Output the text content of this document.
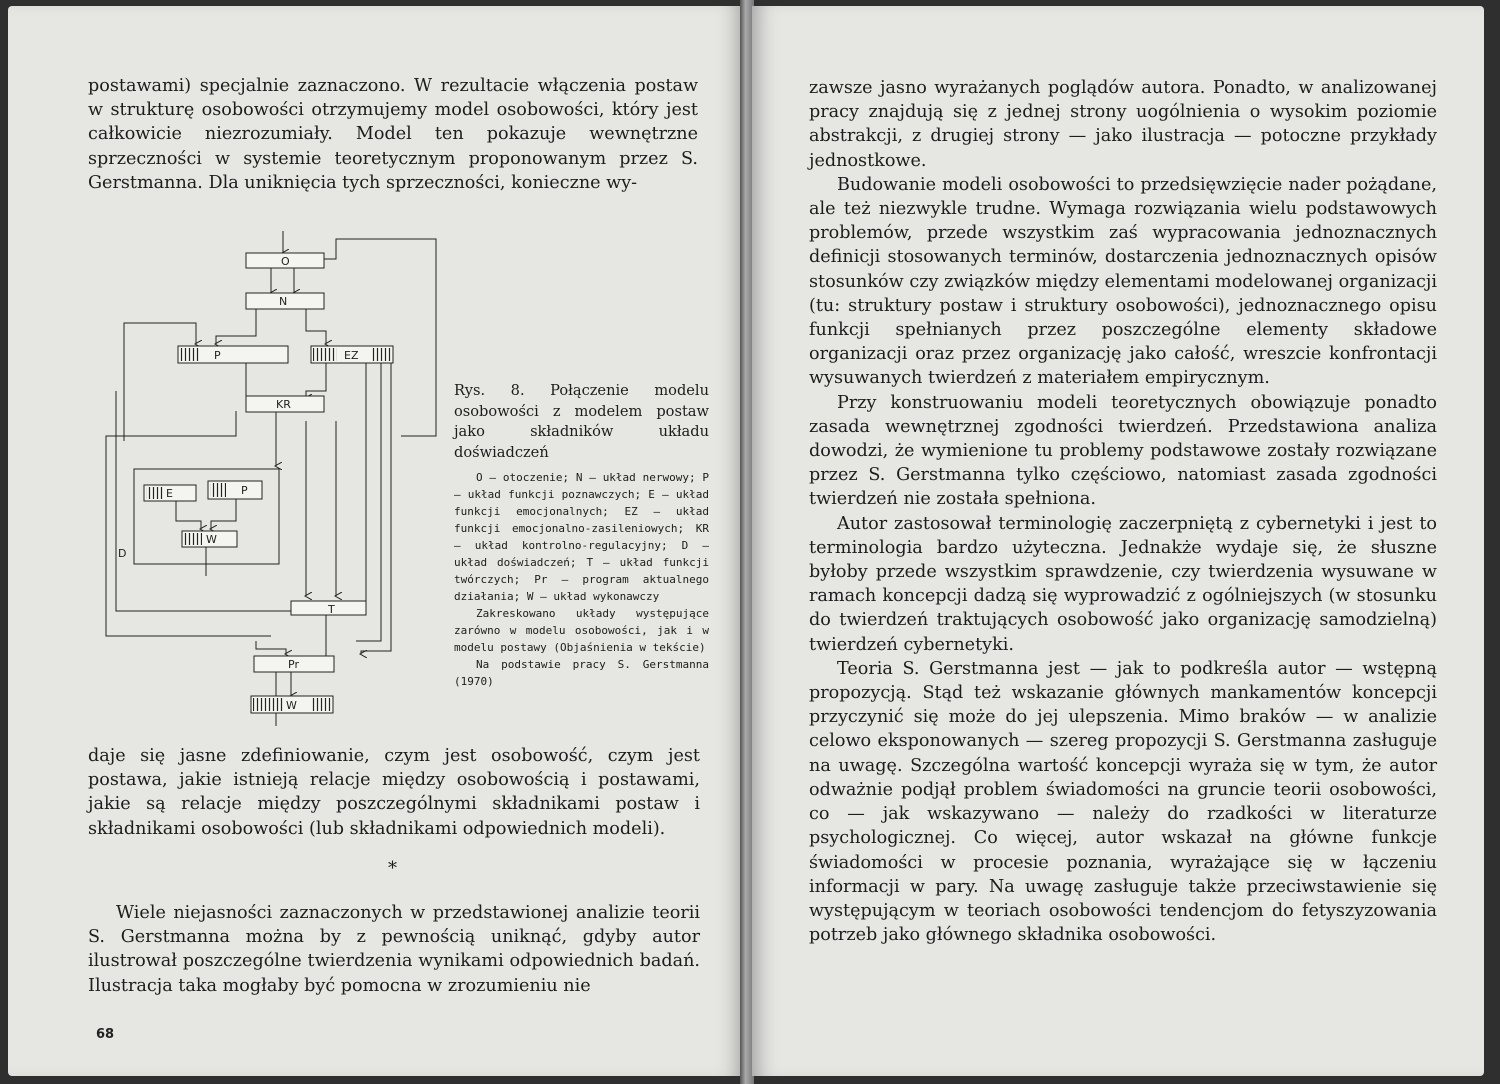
postawami) specjalnie zaznaczono. W rezultacie włączenia postaw w strukturę osobowości otrzymujemy model osobowości, który jest całkowicie niezrozumiały. Model ten pokazuje wewnętrzne sprzeczności w systemie teoretycznym proponowanym przez S. Gerstmanna. Dla uniknięcia tych sprzeczności, konieczne wy-

O
N
P	EZ
KR
E	P
W
D
T
Pr
W
Rys. 8. Połączenie modelu osobowości z modelem postaw jako składników układu doświadczeń

O — otoczenie; N — układ nerwowy; P — układ funkcji poznawczych; E — układ funkcji emocjonalnych; EZ — układ funkcji emocjonalno-zasileniowych; KR — układ kontrolno-regulacyjny; D — układ doświadczeń; T — układ funkcji twórczych; Pr — program aktualnego działania; W — układ wykonawczy

Zakreskowano układy występujące zarówno w modelu osobowości, jak i w modelu postawy (Objaśnienia w tekście)

Na podstawie pracy S. Gerstmanna (1970)

daje się jasne zdefiniowanie, czym jest osobowość, czym jest postawa, jakie istnieją relacje między osobowością i postawami, jakie są relacje między poszczególnymi składnikami postaw i składnikami osobowości (lub składnikami odpowiednich modeli).

*

Wiele niejasności zaznaczonych w przedstawionej analizie teorii S. Gerstmanna można by z pewnością uniknąć, gdyby autor ilustrował poszczególne twierdzenia wynikami odpowiednich badań. Ilustracja taka mogłaby być pomocna w zrozumieniu nie

68

zawsze jasno wyrażanych poglądów autora. Ponadto, w analizowanej pracy znajdują się z jednej strony uogólnienia o wysokim poziomie abstrakcji, z drugiej strony — jako ilustracja — potoczne przykłady jednostkowe.

Budowanie modeli osobowości to przedsięwzięcie nader pożądane, ale też niezwykle trudne. Wymaga rozwiązania wielu podstawowych problemów, przede wszystkim zaś wypracowania jednoznacznych definicji stosowanych terminów, dostarczenia jednoznacznych opisów stosunków czy związków między elementami modelowanej organizacji (tu: struktury postaw i struktury osobowości), jednoznacznego opisu funkcji spełnianych przez poszczególne elementy składowe organizacji oraz przez organizację jako całość, wreszcie konfrontacji wysuwanych twierdzeń z materiałem empirycznym.

Przy konstruowaniu modeli teoretycznych obowiązuje ponadto zasada wewnętrznej zgodności twierdzeń. Przedstawiona analiza dowodzi, że wymienione tu problemy podstawowe zostały rozwiązane przez S. Gerstmanna tylko częściowo, natomiast zasada zgodności twierdzeń nie została spełniona.

Autor zastosował terminologię zaczerpniętą z cybernetyki i jest to terminologia bardzo użyteczna. Jednakże wydaje się, że słuszne byłoby przede wszystkim sprawdzenie, czy twierdzenia wysuwane w ramach koncepcji dadzą się wyprowadzić z ogólniejszych (w stosunku do twierdzeń traktujących osobowość jako organizację samodzielną) twierdzeń cybernetyki.

Teoria S. Gerstmanna jest — jak to podkreśla autor — wstępną propozycją. Stąd też wskazanie głównych mankamentów koncepcji przyczynić się może do jej ulepszenia. Mimo braków — w analizie celowo eksponowanych — szereg propozycji S. Gerstmanna zasługuje na uwagę. Szczególna wartość koncepcji wyraża się w tym, że autor odważnie podjął problem świadomości na gruncie teorii osobowości, co — jak wskazywano — należy do rzadkości w literaturze psychologicznej. Co więcej, autor wskazał na główne funkcje świadomości w procesie poznania, wyrażające się w łączeniu informacji w pary. Na uwagę zasługuje także przeciwstawienie się występującym w teoriach osobowości tendencjom do fetyszyzowania potrzeb jako głównego składnika osobowości.
